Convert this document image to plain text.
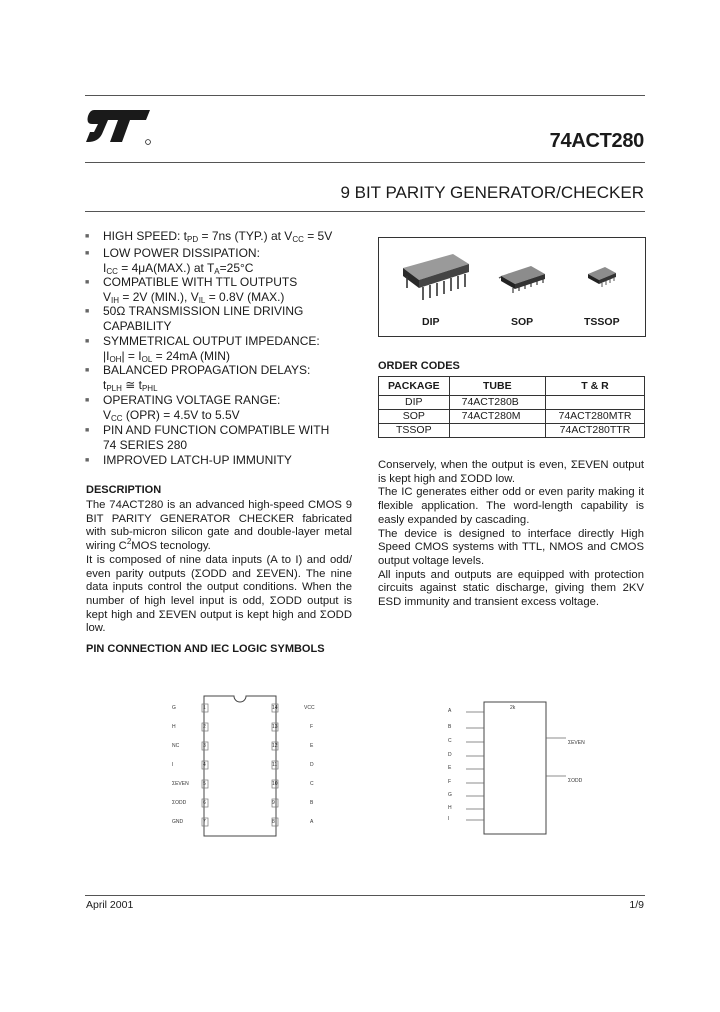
74ACT280
9 BIT PARITY GENERATOR/CHECKER
■ HIGH SPEED: $t_{PD} = 7ns$ (TYP.) at $V_{CC} = 5V$
■ LOW POWER DISSIPATION:
$I_{CC} = 4\mu A(MAX.)$ at $T_A=25^\circ C$
■ COMPATIBLE WITH TTL OUTPUTS
$V_{IH} = 2V$ (MIN.), $V_{IL} = 0.8V$ (MAX.)
■ 50Ω TRANSMISSION LINE DRIVING
CAPABILITY
■ SYMMETRICAL OUTPUT IMPEDANCE:
$|I_{OH}| = I_{OL} = 24mA$ (MIN)
■ BALANCED PROPAGATION DELAYS:
$t_{PLH}$ ≅ $t_{PHL}$
■ OPERATING VOLTAGE RANGE:
$V_{CC}$ (OPR) = 4.5V to 5.5V
■ PIN AND FUNCTION COMPATIBLE WITH
74 SERIES 280
■ IMPROVED LATCH-UP IMMUNITY
DIP	SOP	TSSOP
ORDER CODES
PACKAGE	TUBE	T & R
DIP	74ACT280B	
SOP	74ACT280M	74ACT280MTR
TSSOP		74ACT280TTR
DESCRIPTION

The 74ACT280 is an advanced high-speed CMOS 9 BIT PARITY GENERATOR CHECKER fabricated with sub-micron silicon gate and double-layer metal wiring $C^2MOS$ tecnology.

It is composed of nine data inputs (A to I) and odd/ even parity outputs (ΣODD and ΣEVEN). The nine data inputs control the output conditions. When the number of high level input is odd, ΣODD output is kept high and ΣEVEN output is kept high and ΣODD low.

Conservely, when the output is even, ΣEVEN output is kept high and ΣODD low.

The IC generates either odd or even parity making it flexible application. The word-length capability is easly expanded by cascading.

The device is designed to interface directly High Speed CMOS systems with TTL, NMOS and CMOS output voltage levels.

All inputs and outputs are equipped with protection circuits against static discharge, giving them 2KV ESD immunity and transient excess voltage.

PIN CONNECTION AND IEC LOGIC SYMBOLS
G
H
NC
I
ΣEVEN
ΣODD
GND
VCC
F
E
D
C
B
A
1
2
3
4
5
6
7
14
13
12
11
10
9
8
A
B
C
D
E
F
G
H
I
2k
ΣEVEN
ΣODD
April 2001	1/9
